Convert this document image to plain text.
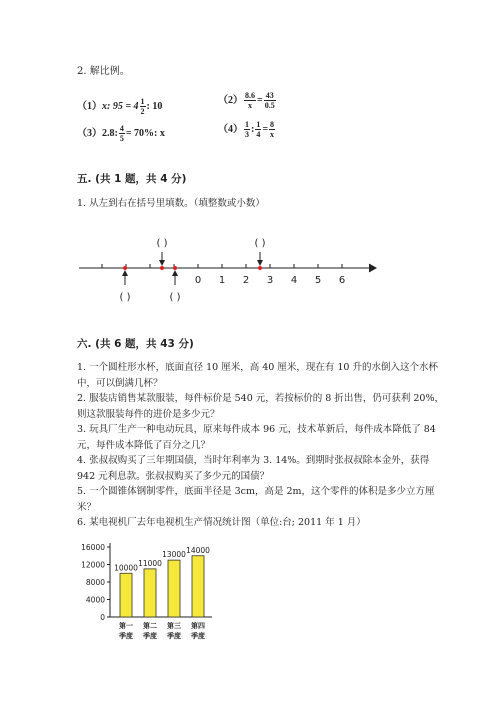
2. 解比例。
（1）x: $95 = 4 \frac{1}{2}$ : 10
$(2) \frac{8.6}{x} = \frac{43}{0.5}$
（3）2.8: $\frac{4}{5} = 70\%$: x	$(4) \frac{1}{3}$ : $\frac{1}{4} = \frac{8}{x}$
五. (共 1 题，共 4 分)
1. 从左到右在括号里填数。（填整数或小数）
0 1 2 3 4 5 6
( )	( )
( )	( )
六. (共 6 题，共 43 分)
1. 一个圆柱形水杯，底面直径 10 厘米，高 40 厘米，现在有 10 升的水倒入这个水杯中，可以倒满几杯？
2. 服装店销售某款服装，每件标价是 540 元，若按标价的 8 折出售，仍可获利 20%，则这款服装每件的进价是多少元？
3. 玩具厂生产一种电动玩具，原来每件成本 96 元，技术革新后，每件成本降低了 84 元，每件成本降低了百分之几？
4. 张叔叔购买了三年期国债，当时年利率为 3. 14%。到期时张叔叔除本金外，获得 942 元利息款。张叔叔购买了多少元的国债？
5. 一个圆锥体钢制零件，底面半径是 3cm，高是 2m，这个零件的体积是多少立方厘米？
6. 某电视机厂去年电视机生产情况统计图（单位:台; 2011 年 1 月）
16000
12000
8000
4000
0
10000
第一
季度
11000
第二
季度
13000
第三
季度
14000
第四
季度
